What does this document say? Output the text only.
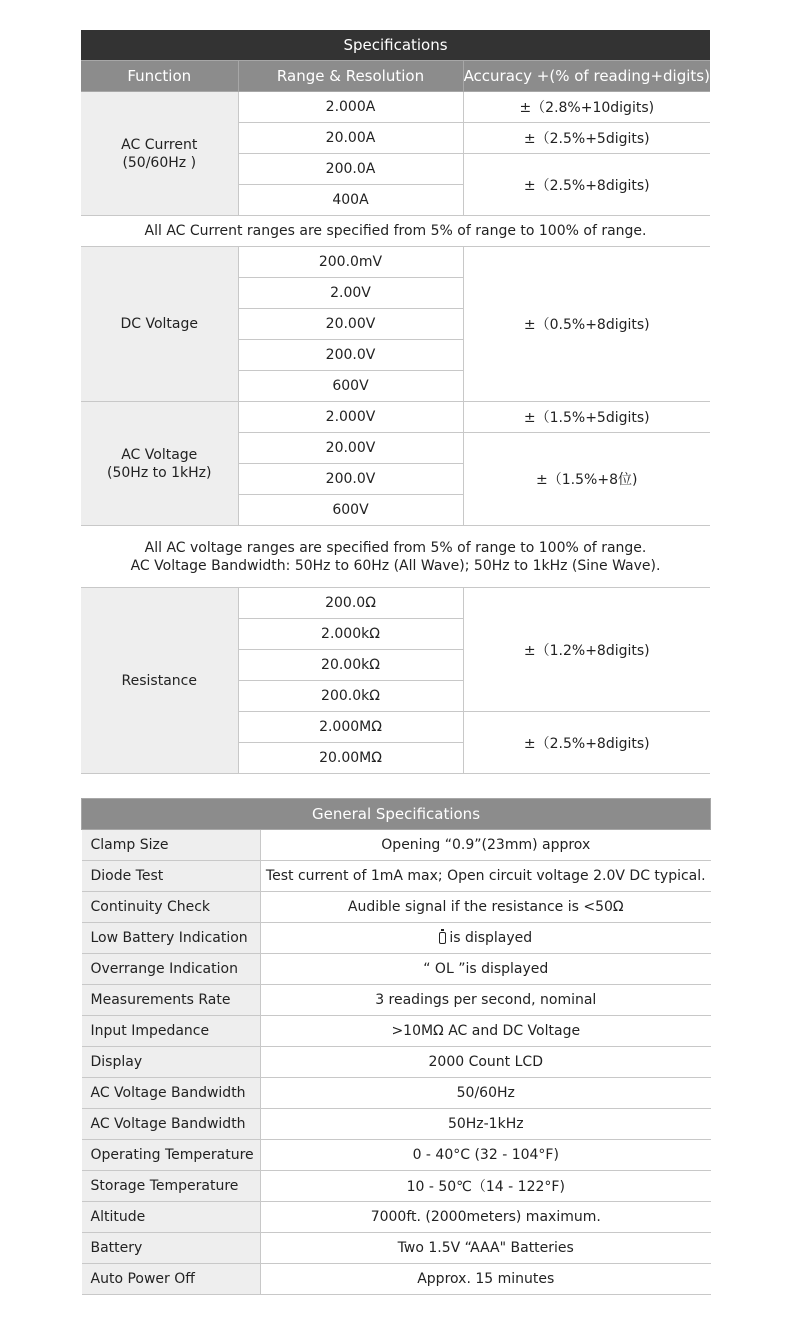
Specifications		
Function	Range & Resolution	Accuracy +(% of reading+digits)
AC Current
(50/60Hz )	2.000A	±（2.8%+10digits)
	20.00A	±（2.5%+5digits)
	200.0A	±（2.5%+8digits)
	400A	
All AC Current ranges are specified from 5% of range to 100% of range.		
DC Voltage	200.0mV	±（0.5%+8digits)
	2.00V	
	20.00V	
	200.0V	
	600V	
AC Voltage
(50Hz to 1kHz)	2.000V	±（1.5%+5digits)
	20.00V	±（1.5%+8位)
	200.0V	
	600V	
All AC voltage ranges are specified from 5% of range to 100% of range.
AC Voltage Bandwidth: 50Hz to 60Hz (All Wave); 50Hz to 1kHz (Sine Wave).		
Resistance	200.0Ω	±（1.2%+8digits)
	2.000kΩ	
	20.00kΩ	
	200.0kΩ	
	2.000MΩ	±（2.5%+8digits)
	20.00MΩ	
General Specifications	
Clamp Size	Opening “0.9”(23mm) approx
Diode Test	Test current of 1mA max; Open circuit voltage 2.0V DC typical.
Continuity Check	Audible signal if the resistance is <50Ω
Low Battery Indication	is displayed
Overrange Indication	“ OL ”is displayed
Measurements Rate	3 readings per second, nominal
Input Impedance	>10MΩ AC and DC Voltage
Display	2000 Count LCD
AC Voltage Bandwidth	50/60Hz
AC Voltage Bandwidth	50Hz-1kHz
Operating Temperature	0 - 40°C (32 - 104°F)
Storage Temperature	10 - 50℃（14 - 122°F)
Altitude	7000ft. (2000meters) maximum.
Battery	Two 1.5V “AAA" Batteries
Auto Power Off	Approx. 15 minutes
